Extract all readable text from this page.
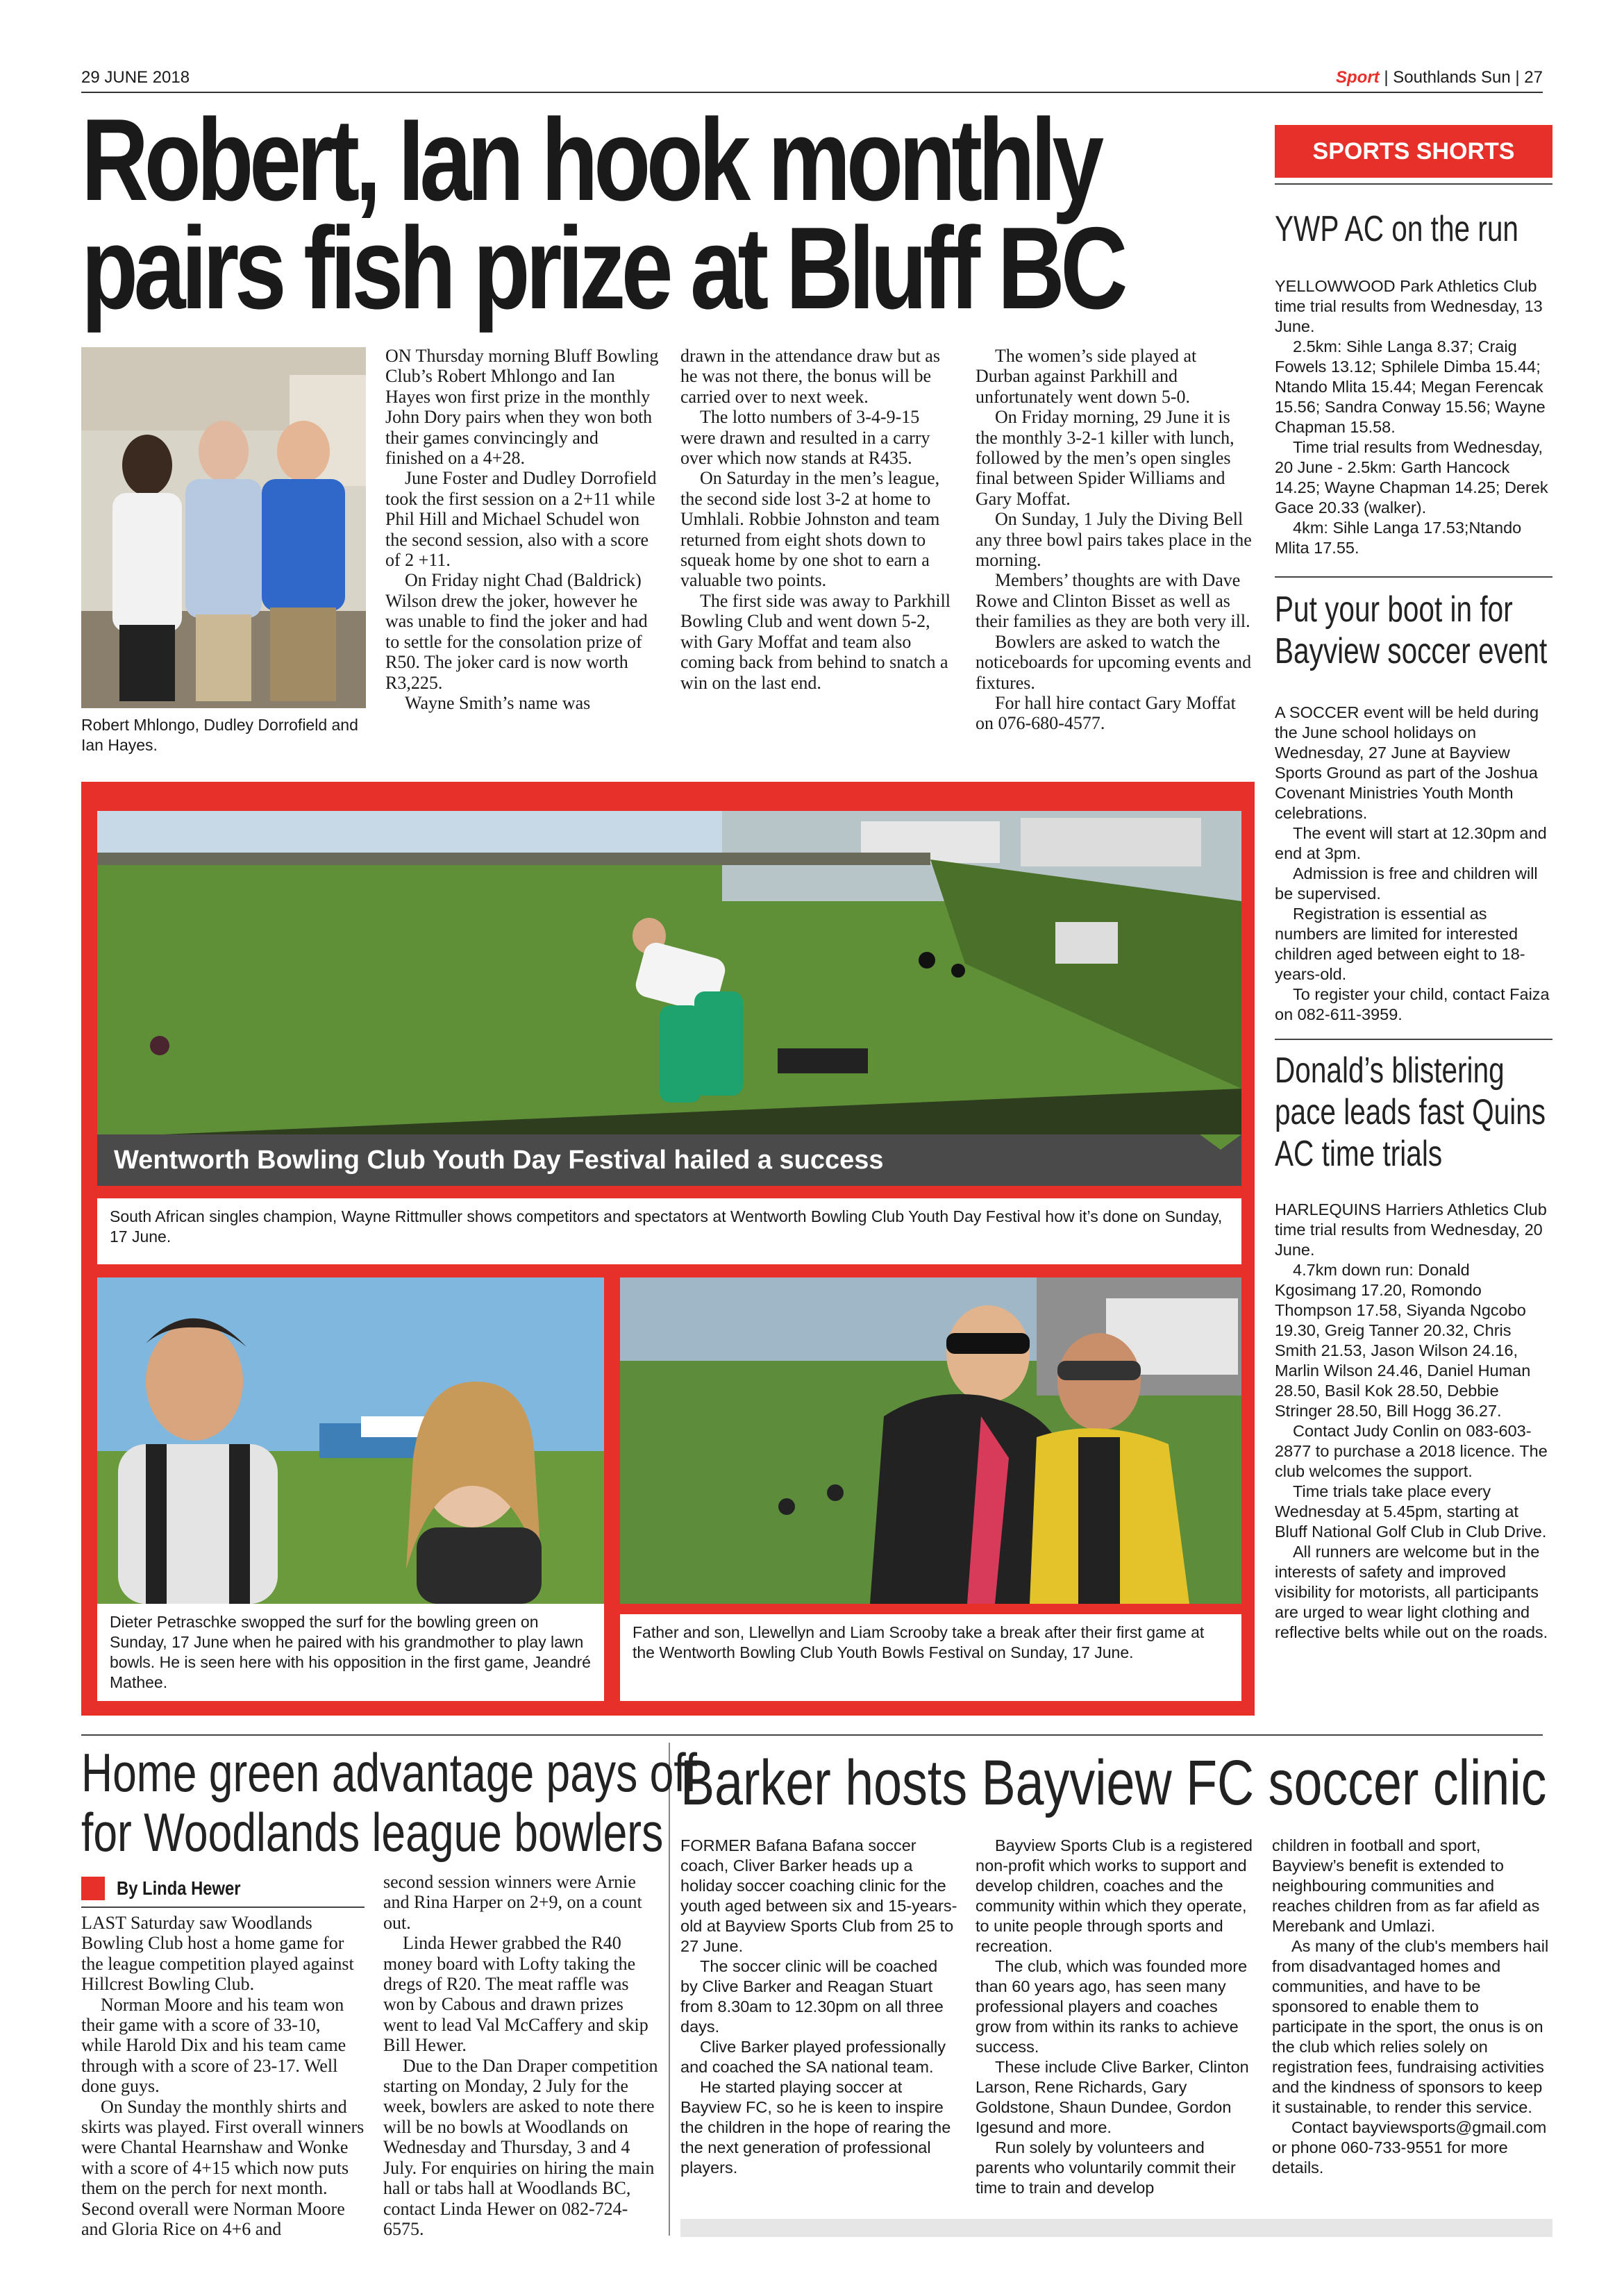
29 JUNE 2018	Sport | Southlands Sun | 27
Robert, Ian hook monthly
pairs fish prize at Bluff BC
Robert Mhlongo, Dudley Dorrofield and Ian Hayes.

ON Thursday morning Bluff Bowling Club’s Robert Mhlongo and Ian Hayes won first prize in the monthly John Dory pairs when they won both their games convincingly and finished on a 4+28.

June Foster and Dudley Dorrofield took the first session on a 2+11 while Phil Hill and Michael Schudel won the second session, also with a score of 2 +11.

On Friday night Chad (Baldrick) Wilson drew the joker, however he was unable to find the joker and had to settle for the consolation prize of R50. The joker card is now worth R3,225.

Wayne Smith’s name was

drawn in the attendance draw but as he was not there, the bonus will be carried over to next week.

The lotto numbers of 3-4-9-15 were drawn and resulted in a carry over which now stands at R435.

On Saturday in the men’s league, the second side lost 3-2 at home to Umhlali. Robbie Johnston and team returned from eight shots down to squeak home by one shot to earn a valuable two points.

The first side was away to Parkhill Bowling Club and went down 5-2, with Gary Moffat and team also coming back from behind to snatch a win on the last end.

The women’s side played at Durban against Parkhill and unfortunately went down 5-0.

On Friday morning, 29 June it is the monthly 3-2-1 killer with lunch, followed by the men’s open singles final between Spider Williams and Gary Moffat.

On Sunday, 1 July the Diving Bell any three bowl pairs takes place in the morning.

Members’ thoughts are with Dave Rowe and Clinton Bisset as well as their families as they are both very ill.

Bowlers are asked to watch the noticeboards for upcoming events and fixtures.

For hall hire contact Gary Moffat on 076-680-4577.

Wentworth Bowling Club Youth Day Festival hailed a success
South African singles champion, Wayne Rittmuller shows competitors and spectators at Wentworth Bowling Club Youth Day Festival how it’s done on Sunday, 17 June.
Dieter Petraschke swopped the surf for the bowling green on Sunday, 17 June when he paired with his grandmother to play lawn bowls. He is seen here with his opposition in the first game, Jeandré Mathee.
Father and son, Llewellyn and Liam Scrooby take a break after their first game at the Wentworth Bowling Club Youth Bowls Festival on Sunday, 17 June.
SPORTS SHORTS
YWP AC on the run

YELLOWWOOD Park Athletics Club time trial results from Wednesday, 13 June.

2.5km: Sihle Langa 8.37; Craig Fowels 13.12; Sphilele Dimba 15.44; Ntando Mlita 15.44; Megan Ferencak 15.56; Sandra Conway 15.56; Wayne Chapman 15.58.

Time trial results from Wednesday, 20 June - 2.5km: Garth Hancock 14.25; Wayne Chapman 14.25; Derek Gace 20.33 (walker).

4km: Sihle Langa 17.53;Ntando Mlita 17.55.

Put your boot in for
Bayview soccer event

A SOCCER event will be held during the June school holidays on Wednesday, 27 June at Bayview Sports Ground as part of the Joshua Covenant Ministries Youth Month celebrations.

The event will start at 12.30pm and end at 3pm.

Admission is free and children will be supervised.

Registration is essential as numbers are limited for interested children aged between eight to 18-years-old.

To register your child, contact Faiza on 082-611-3959.

Donald’s blistering
pace leads fast Quins
AC time trials

HARLEQUINS Harriers Athletics Club time trial results from Wednesday, 20 June.

4.7km down run: Donald Kgosimang 17.20, Romondo Thompson 17.58, Siyanda Ngcobo 19.30, Greig Tanner 20.32, Chris Smith 21.53, Jason Wilson 24.16, Marlin Wilson 24.46, Daniel Human 28.50, Basil Kok 28.50, Debbie Stringer 28.50, Bill Hogg 36.27.

Contact Judy Conlin on 083-603-2877 to purchase a 2018 licence. The club welcomes the support.

Time trials take place every Wednesday at 5.45pm, starting at Bluff National Golf Club in Club Drive.

All runners are welcome but in the interests of safety and improved visibility for motorists, all participants are urged to wear light clothing and reflective belts while out on the roads.

Home green advantage pays off
for Woodlands league bowlers
By Linda Hewer

LAST Saturday saw Woodlands Bowling Club host a home game for the league competition played against Hillcrest Bowling Club.

Norman Moore and his team won their game with a score of 33-10, while Harold Dix and his team came through with a score of 23-17. Well done guys.

On Sunday the monthly shirts and skirts was played. First overall winners were Chantal Hearnshaw and Wonke with a score of 4+15 which now puts them on the perch for next month. Second overall were Norman Moore and Gloria Rice on 4+6 and

second session winners were Arnie and Rina Harper on 2+9, on a count out.

Linda Hewer grabbed the R40 money board with Lofty taking the dregs of R20. The meat raffle was won by Cabous and drawn prizes went to lead Val McCaffery and skip Bill Hewer.

Due to the Dan Draper competition starting on Monday, 2 July for the week, bowlers are asked to note there will be no bowls at Woodlands on Wednesday and Thursday, 3 and 4 July. For enquiries on hiring the main hall or tabs hall at Woodlands BC, contact Linda Hewer on 082-724-6575.

Barker hosts Bayview FC soccer clinic

FORMER Bafana Bafana soccer coach, Cliver Barker heads up a holiday soccer coaching clinic for the youth aged between six and 15-years-old at Bayview Sports Club from 25 to 27 June.

The soccer clinic will be coached by Clive Barker and Reagan Stuart from 8.30am to 12.30pm on all three days.

Clive Barker played professionally and coached the SA national team.

He started playing soccer at Bayview FC, so he is keen to inspire the children in the hope of rearing the the next generation of professional players.

Bayview Sports Club is a registered non-profit which works to support and develop children, coaches and the community within which they operate, to unite people through sports and recreation.

The club, which was founded more than 60 years ago, has seen many professional players and coaches grow from within its ranks to achieve success.

These include Clive Barker, Clinton Larson, Rene Richards, Gary Goldstone, Shaun Dundee, Gordon Igesund and more.

Run solely by volunteers and parents who voluntarily commit their time to train and develop

children in football and sport, Bayview’s benefit is extended to neighbouring communities and reaches children from as far afield as Merebank and Umlazi.

As many of the club's members hail from disadvantaged homes and communities, and have to be sponsored to enable them to participate in the sport, the onus is on the club which relies solely on registration fees, fundraising activities and the kindness of sponsors to keep it sustainable, to render this service.

Contact bayviewsports@gmail.com or phone 060-733-9551 for more details.
